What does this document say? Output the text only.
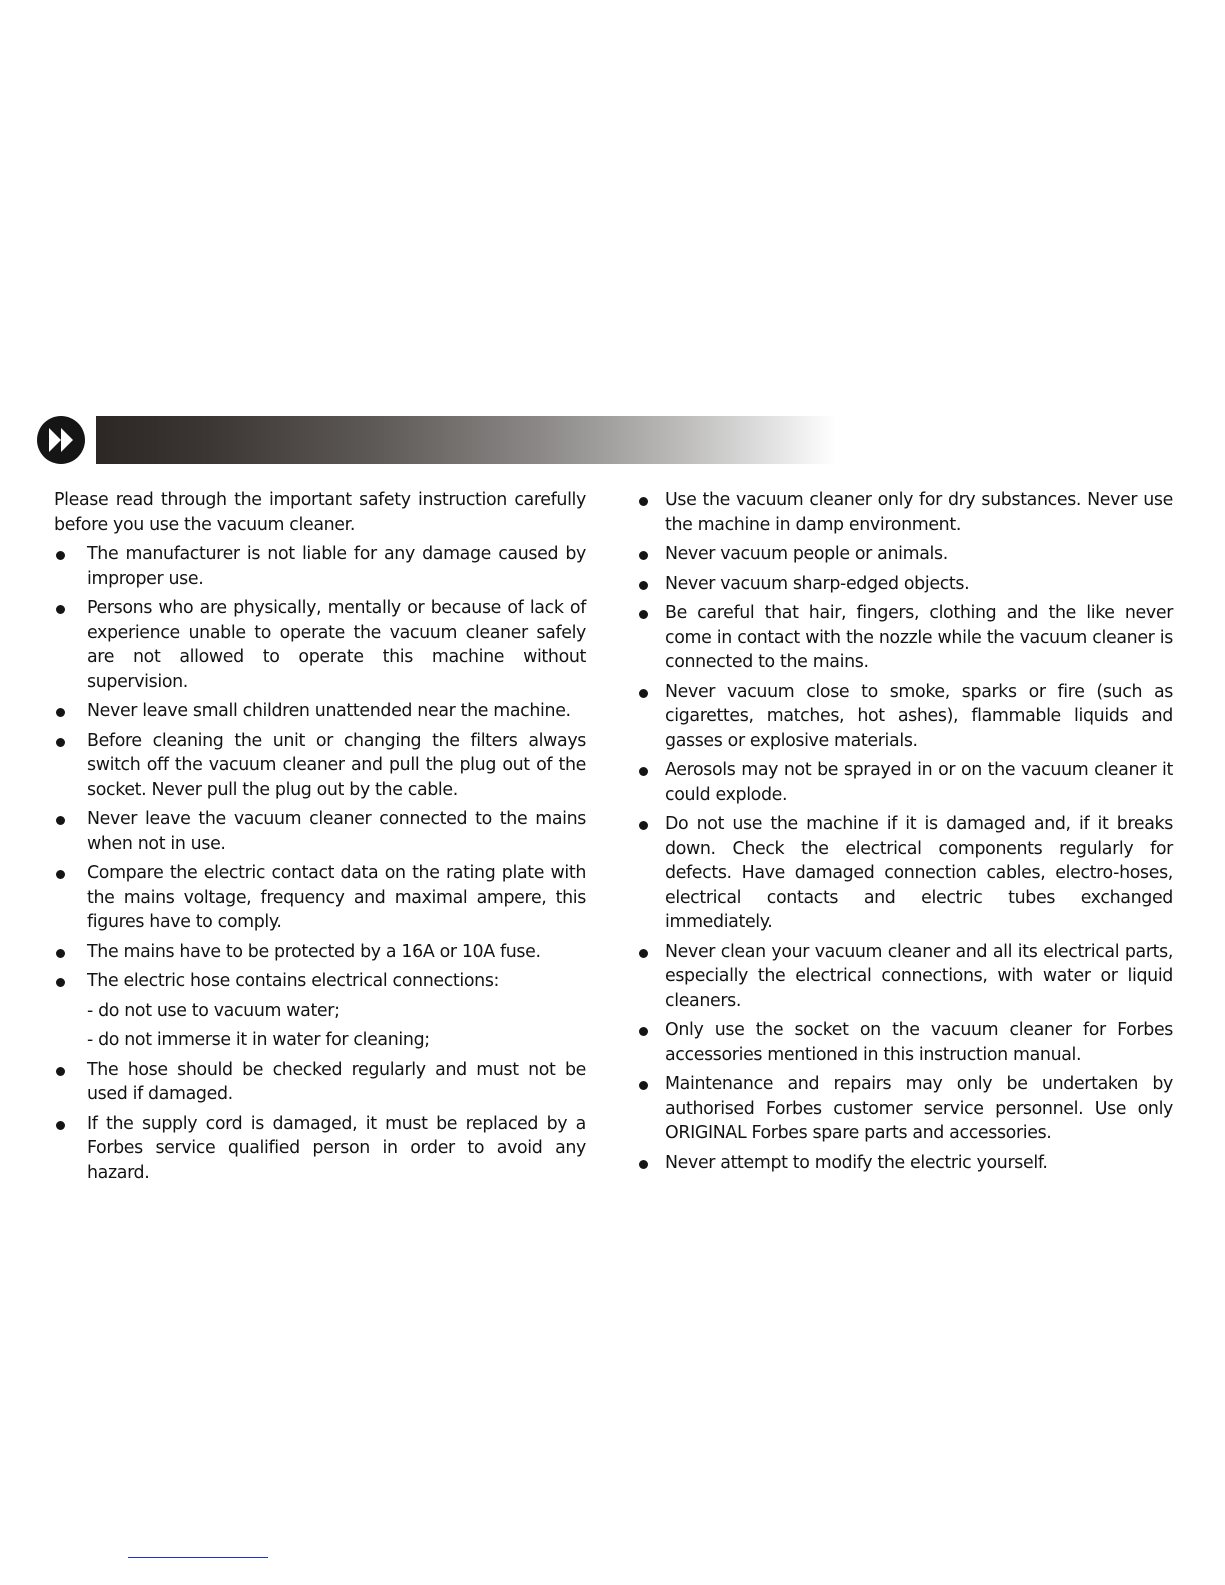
Please read through the important safety instruction carefully before you use the vacuum cleaner.

The manufacturer is not liable for any damage caused by improper use.
Persons who are physically, mentally or because of lack of experience unable to operate the vacuum cleaner safely are not allowed to operate this machine without supervision.
Never leave small children unattended near the machine.
Before cleaning the unit or changing the filters always switch off the vacuum cleaner and pull the plug out of the socket. Never pull the plug out by the cable.
Never leave the vacuum cleaner connected to the mains when not in use.
Compare the electric contact data on the rating plate with the mains voltage, frequency and maximal ampere, this figures have to comply.
The mains have to be protected by a 16A or 10A fuse.
The electric hose contains electrical connections:
- do not use to vacuum water;
- do not immerse it in water for cleaning;
The hose should be checked regularly and must not be used if damaged.
If the supply cord is damaged, it must be replaced by a Forbes service qualified person in order to avoid any hazard.
Use the vacuum cleaner only for dry substances. Never use the machine in damp environment.
Never vacuum people or animals.
Never vacuum sharp-edged objects.
Be careful that hair, fingers, clothing and the like never come in contact with the nozzle while the vacuum cleaner is connected to the mains.
Never vacuum close to smoke, sparks or fire (such as cigarettes, matches, hot ashes), flammable liquids and gasses or explosive materials.
Aerosols may not be sprayed in or on the vacuum cleaner it could explode.
Do not use the machine if it is damaged and, if it breaks down. Check the electrical components regularly for defects. Have damaged connection cables, electro-hoses, electrical contacts and electric tubes exchanged immediately.
Never clean your vacuum cleaner and all its electrical parts, especially the electrical connections, with water or liquid cleaners.
Only use the socket on the vacuum cleaner for Forbes accessories mentioned in this instruction manual.
Maintenance and repairs may only be undertaken by authorised Forbes customer service personnel. Use only ORIGINAL Forbes spare parts and accessories.
Never attempt to modify the electric yourself.
